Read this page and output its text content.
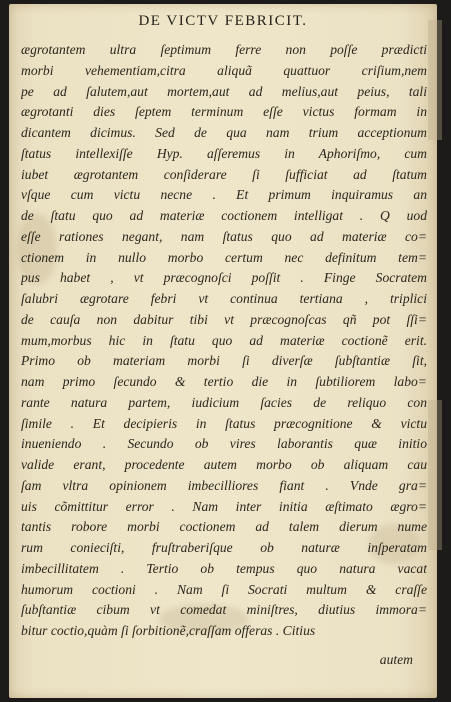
DE VICTV FEBRICIT.
ægrotantem ultra ſeptimum ferre non poſſe prædicti
morbi vehementiam,citra aliquã quattuor criſium,nem
pe ad ſalutem,aut mortem,aut ad melius,aut peius, tali
ægrotanti dies ſeptem terminum eſſe victus formam in
dicantem dicimus. Sed de qua nam trium acceptionum
ſtatus intellexiſſe Hyp. aſſeremus in Aphoriſmo, cum
iubet ægrotantem conſiderare ſi ſufficiat ad ſtatum
vſque cum victu necne . Et primum inquiramus an
de ſtatu quo ad materiæ coctionem intelligat . Q uod
eſſe rationes negant, nam ſtatus quo ad materiæ co=
ctionem in nullo morbo certum nec definitum tem=
pus habet , vt præcognoſci poſſit . Finge Socratem
ſalubri ægrotare febri vt continua tertiana , triplici
de cauſa non dabitur tibi vt præcognoſcas qñ pot ſſi=
mum,morbus hic in ſtatu quo ad materiæ coctionẽ erit.
Primo ob materiam morbi ſi diverſæ ſubſtantiæ ſit,
nam primo ſecundo & tertio die in ſubtiliorem labo=
rante natura partem, iudicium ſacies de reliquo con
ſimile . Et decipieris in ſtatus præcognitione & victu
inueniendo . Secundo ob vires laborantis quæ initio
valide erant, procedente autem morbo ob aliquam cau
ſam vltra opinionem imbecilliores fiant . Vnde gra=
uis cõmittitur error . Nam inter initia æſtimato ægro=
tantis robore morbi coctionem ad talem dierum nume
rum conieciſti, fruſtraberiſque ob naturæ inſperatam
imbecillitatem . Tertio ob tempus quo natura vacat
humorum coctioni . Nam ſi Socrati multum & craſſe
ſubſtantiæ cibum vt comedat miniſtres, diutius immora=
bitur coctio,quàm ſi ſorbitionẽ,craſſam offeras . Citius
autem
